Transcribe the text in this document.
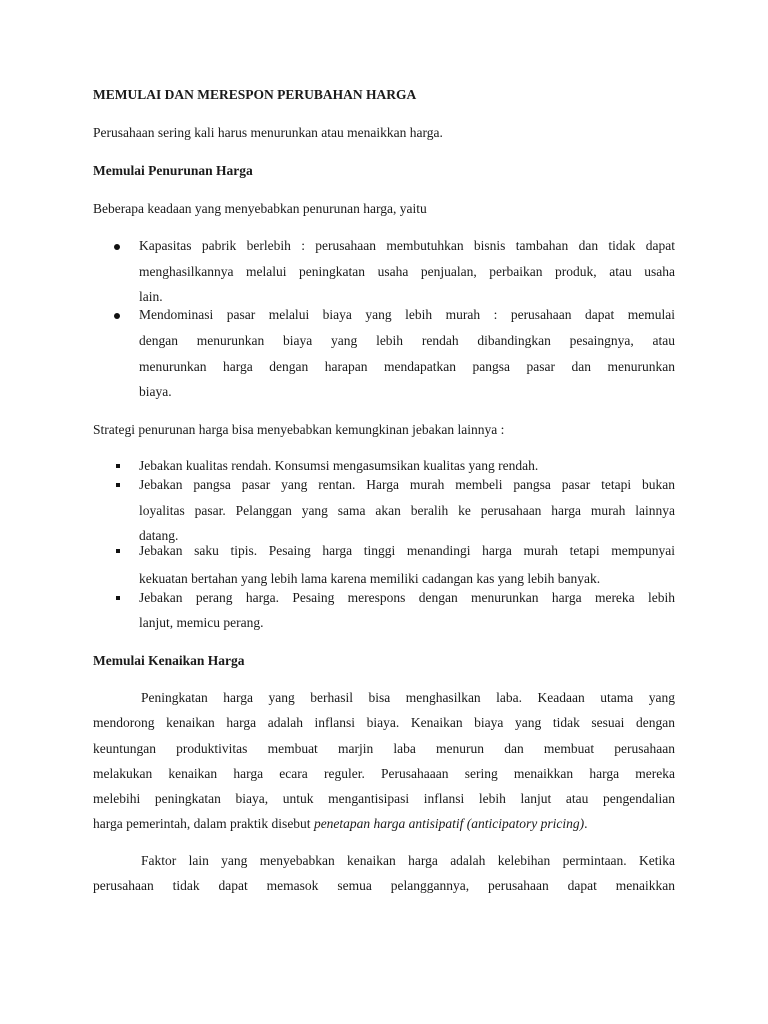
MEMULAI DAN MERESPON PERUBAHAN HARGA
Perusahaan sering kali harus menurunkan atau menaikkan harga.
Memulai Penurunan Harga
Beberapa keadaan yang menyebabkan penurunan harga, yaitu
Kapasitas pabrik berlebih : perusahaan membutuhkan bisnis tambahan dan tidak dapat
menghasilkannya melalui peningkatan usaha penjualan, perbaikan produk, atau usaha
lain.
Mendominasi pasar melalui biaya yang lebih murah : perusahaan dapat memulai
dengan menurunkan biaya yang lebih rendah dibandingkan pesaingnya, atau
menurunkan harga dengan harapan mendapatkan pangsa pasar dan menurunkan
biaya.
Strategi penurunan harga bisa menyebabkan kemungkinan jebakan lainnya :
Jebakan kualitas rendah. Konsumsi mengasumsikan kualitas yang rendah.
Jebakan pangsa pasar yang rentan. Harga murah membeli pangsa pasar tetapi bukan
loyalitas pasar. Pelanggan yang sama akan beralih ke perusahaan harga murah lainnya
datang.
Jebakan saku tipis. Pesaing harga tinggi menandingi harga murah tetapi mempunyai
kekuatan bertahan yang lebih lama karena memiliki cadangan kas yang lebih banyak.
Jebakan perang harga. Pesaing merespons dengan menurunkan harga mereka lebih
lanjut, memicu perang.
Memulai Kenaikan Harga
Peningkatan harga yang berhasil bisa menghasilkan laba. Keadaan utama yang
mendorong kenaikan harga adalah inflansi biaya. Kenaikan biaya yang tidak sesuai dengan
keuntungan produktivitas membuat marjin laba menurun dan membuat perusahaan
melakukan kenaikan harga ecara reguler. Perusahaaan sering menaikkan harga mereka
melebihi peningkatan biaya, untuk mengantisipasi inflansi lebih lanjut atau pengendalian
harga pemerintah, dalam praktik disebut penetapan harga antisipatif (anticipatory pricing).
Faktor lain yang menyebabkan kenaikan harga adalah kelebihan permintaan. Ketika
perusahaan tidak dapat memasok semua pelanggannya, perusahaan dapat menaikkan
